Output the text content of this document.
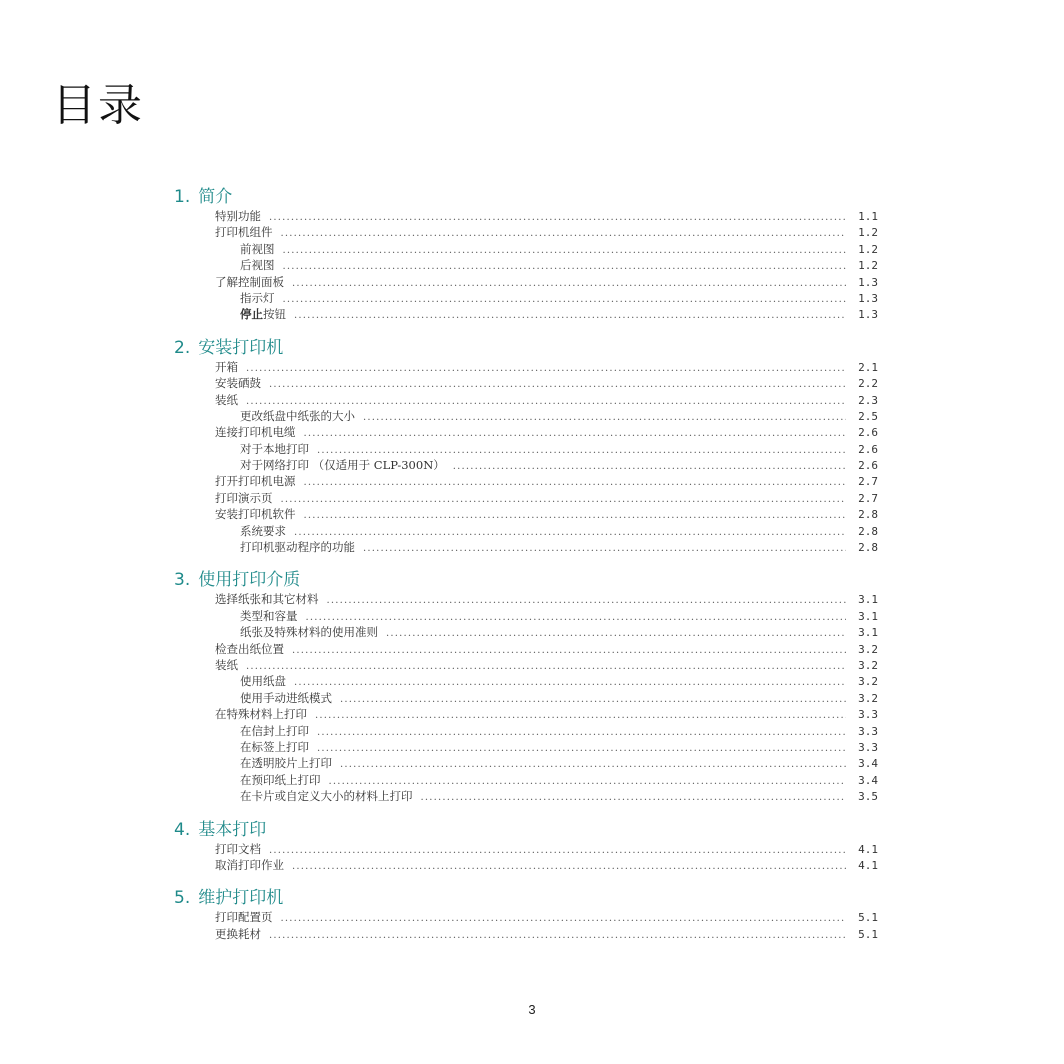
目录
1. 简介
特别功能 .....	1.1
打印机组件 .....	1.2
前视图 .....	1.2
后视图 .....	1.2
了解控制面板 .....	1.3
指示灯 .....	1.3
停止按钮 .....	1.3
2. 安装打印机
开箱 .....	2.1
安装硒鼓 .....	2.2
装纸 .....	2.3
更改纸盘中纸张的大小 .....	2.5
连接打印机电缆 .....	2.6
对于本地打印 .....	2.6
对于网络打印 （仅适用于 CLP-300N） .....	2.6
打开打印机电源 .....	2.7
打印演示页 .....	2.7
安装打印机软件 .....	2.8
系统要求 .....	2.8
打印机驱动程序的功能 .....	2.8
3. 使用打印介质
选择纸张和其它材料 .....	3.1
类型和容量 .....	3.1
纸张及特殊材料的使用准则 .....	3.1
检查出纸位置 .....	3.2
装纸 .....	3.2
使用纸盘 .....	3.2
使用手动进纸模式 .....	3.2
在特殊材料上打印 .....	3.3
在信封上打印 .....	3.3
在标签上打印 .....	3.3
在透明胶片上打印 .....	3.4
在预印纸上打印 .....	3.4
在卡片或自定义大小的材料上打印 .....	3.5
4. 基本打印
打印文档 .....	4.1
取消打印作业 .....	4.1
5. 维护打印机
打印配置页 .....	5.1
更换耗材 .....	5.1
3
